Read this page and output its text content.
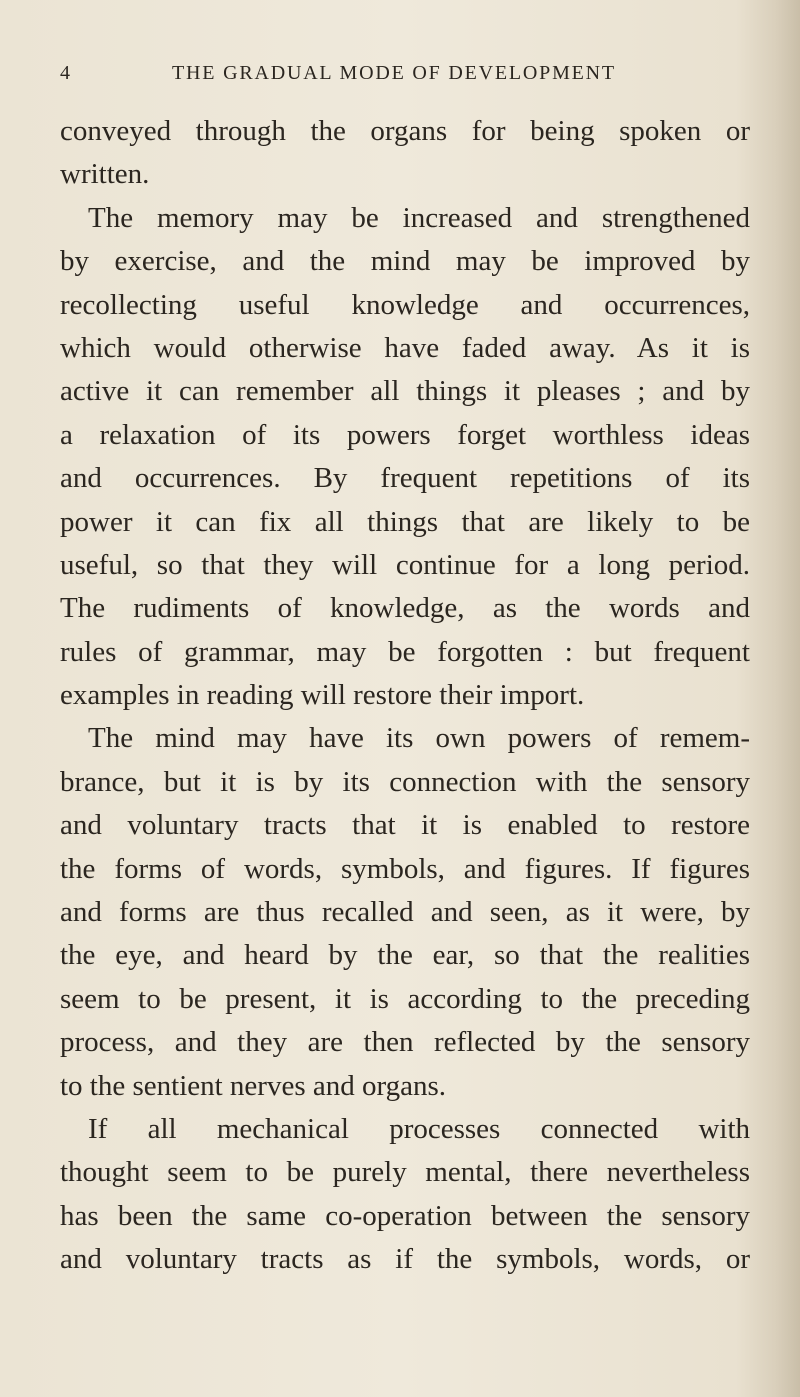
4	THE GRADUAL MODE OF DEVELOPMENT
conveyed through the organs for being spoken or
written.
The memory may be increased and strengthened
by exercise, and the mind may be improved by
recollecting useful knowledge and occurrences,
which would otherwise have faded away. As it is
active it can remember all things it pleases ; and by
a relaxation of its powers forget worthless ideas
and occurrences. By frequent repetitions of its
power it can fix all things that are likely to be
useful, so that they will continue for a long period.
The rudiments of knowledge, as the words and
rules of grammar, may be forgotten : but frequent
examples in reading will restore their import.
The mind may have its own powers of remem-
brance, but it is by its connection with the sensory
and voluntary tracts that it is enabled to restore
the forms of words, symbols, and figures. If figures
and forms are thus recalled and seen, as it were, by
the eye, and heard by the ear, so that the realities
seem to be present, it is according to the preceding
process, and they are then reflected by the sensory
to the sentient nerves and organs.
If all mechanical processes connected with
thought seem to be purely mental, there nevertheless
has been the same co-operation between the sensory
and voluntary tracts as if the symbols, words, or
